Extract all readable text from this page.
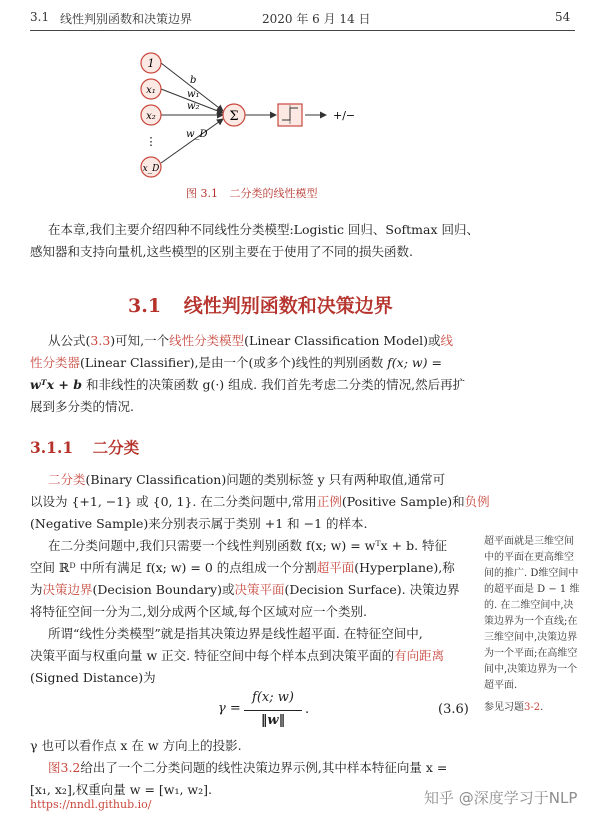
3.1 线性判别函数和决策边界	2020 年 6 月 14 日	54
1
x₁
x₂
⋮
x_D
b
w₁
w₂
w_D
Σ	+/−
图 3.1 二分类的线性模型
在本章,我们主要介绍四种不同线性分类模型:Logistic 回归、Softmax 回归、
感知器和支持向量机,这些模型的区别主要在于使用了不同的损失函数.
3.1 线性判别函数和决策边界
从公式(3.3)可知,一个线性分类模型(Linear Classification Model)或线
性分类器(Linear Classifier),是由一个(或多个)线性的判别函数 f(x; w) =
wᵀx + b 和非线性的决策函数 g(·) 组成. 我们首先考虑二分类的情况,然后再扩
展到多分类的情况.
3.1.1 二分类
二分类(Binary Classification)问题的类别标签 y 只有两种取值,通常可
以设为 {+1, −1} 或 {0, 1}. 在二分类问题中,常用正例(Positive Sample)和负例
(Negative Sample)来分别表示属于类别 +1 和 −1 的样本.
在二分类问题中,我们只需要一个线性判别函数 f(x; w) = wᵀx + b. 特征
空间 ℝᴰ 中所有满足 f(x; w) = 0 的点组成一个分割超平面(Hyperplane),称
为决策边界(Decision Boundary)或决策平面(Decision Surface). 决策边界
将特征空间一分为二,划分成两个区域,每个区域对应一个类别.
所谓“线性分类模型”就是指其决策边界是线性超平面. 在特征空间中,
决策平面与权重向量 w 正交. 特征空间中每个样本点到决策平面的有向距离
(Signed Distance)为
γ =
f(x; w)
‖w‖
.	(3.6)
γ 也可以看作点 x 在 w 方向上的投影.
图3.2给出了一个二分类问题的线性决策边界示例,其中样本特征向量 x =
[x₁, x₂],权重向量 w = [w₁, w₂].
超平面就是三维空间
中的平面在更高维空
间的推广. D维空间中
的超平面是 D − 1 维
的. 在二维空间中,决
策边界为一个直线;在
三维空间中,决策边界
为一个平面;在高维空
间中,决策边界为一个
超平面.
参见习题3-2.
https://nndl.github.io/	知乎 @深度学习于NLP
